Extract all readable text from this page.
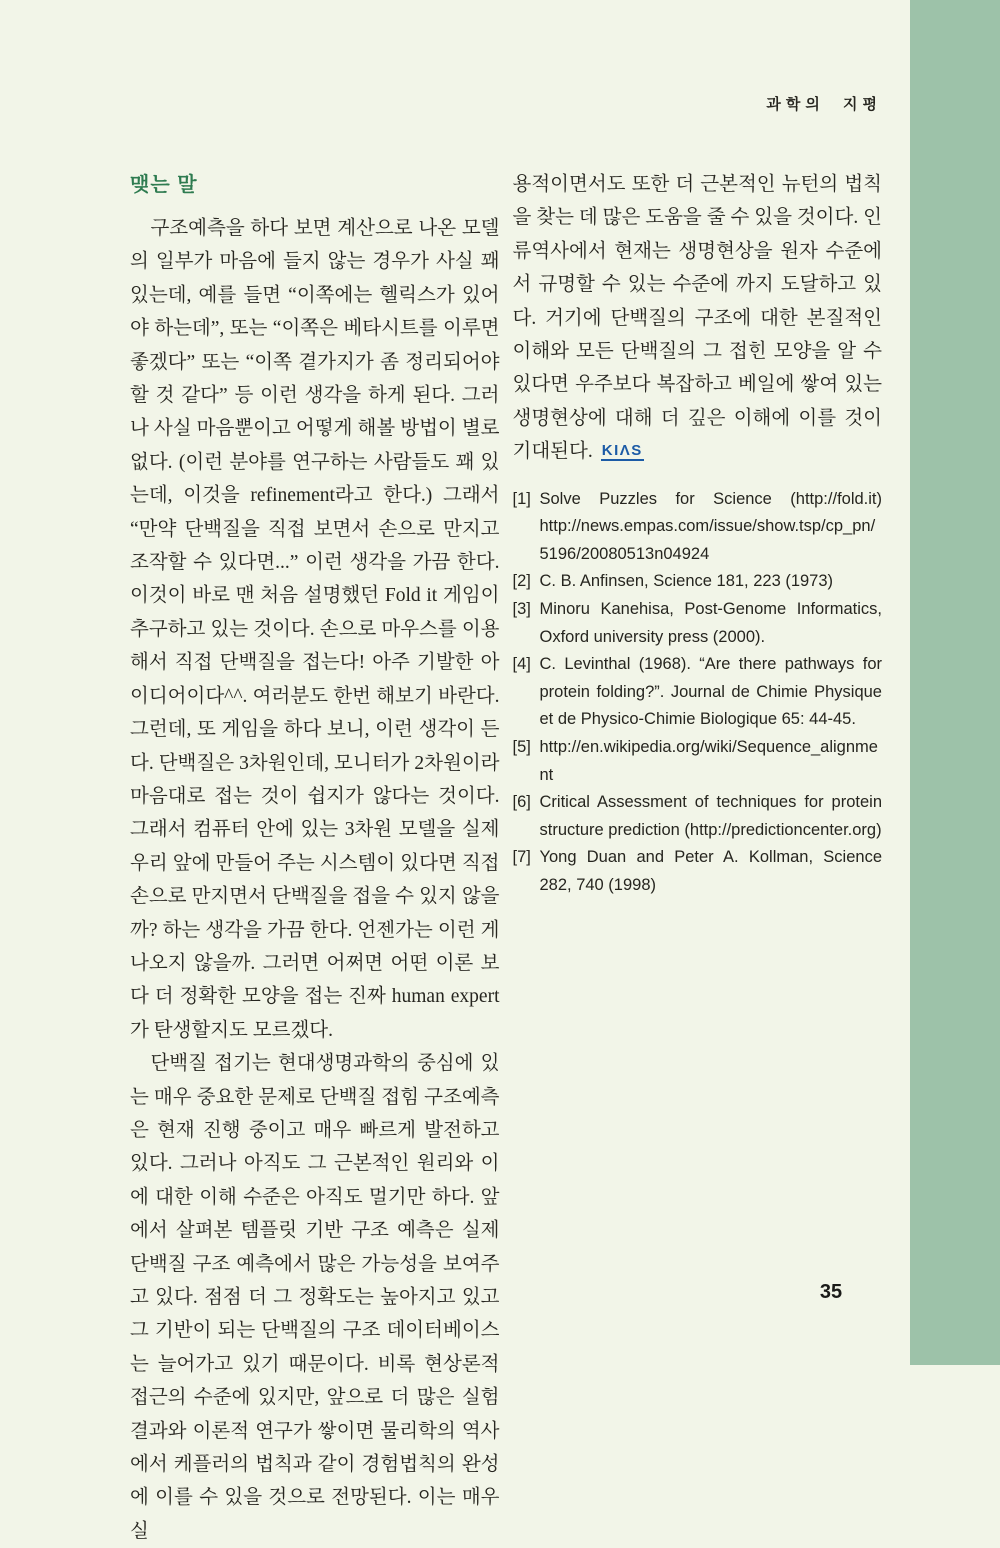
과학의 지평
맺는 말

구조예측을 하다 보면 계산으로 나온 모델의 일부가 마음에 들지 않는 경우가 사실 꽤 있는데, 예를 들면 “이쪽에는 헬릭스가 있어야 하는데”, 또는 “이쪽은 베타시트를 이루면 좋겠다” 또는 “이쪽 곁가지가 좀 정리되어야 할 것 같다” 등 이런 생각을 하게 된다. 그러나 사실 마음뿐이고 어떻게 해볼 방법이 별로 없다. (이런 분야를 연구하는 사람들도 꽤 있는데, 이것을 refinement라고 한다.) 그래서 “만약 단백질을 직접 보면서 손으로 만지고 조작할 수 있다면...” 이런 생각을 가끔 한다. 이것이 바로 맨 처음 설명했던 Fold it 게임이 추구하고 있는 것이다. 손으로 마우스를 이용해서 직접 단백질을 접는다! 아주 기발한 아이디어이다^^. 여러분도 한번 해보기 바란다. 그런데, 또 게임을 하다 보니, 이런 생각이 든다. 단백질은 3차원인데, 모니터가 2차원이라 마음대로 접는 것이 쉽지가 않다는 것이다. 그래서 컴퓨터 안에 있는 3차원 모델을 실제 우리 앞에 만들어 주는 시스템이 있다면 직접 손으로 만지면서 단백질을 접을 수 있지 않을까? 하는 생각을 가끔 한다. 언젠가는 이런 게 나오지 않을까. 그러면 어쩌면 어떤 이론 보다 더 정확한 모양을 접는 진짜 human expert가 탄생할지도 모르겠다.

단백질 접기는 현대생명과학의 중심에 있는 매우 중요한 문제로 단백질 접힘 구조예측은 현재 진행 중이고 매우 빠르게 발전하고 있다. 그러나 아직도 그 근본적인 원리와 이에 대한 이해 수준은 아직도 멀기만 하다. 앞에서 살펴본 템플릿 기반 구조 예측은 실제 단백질 구조 예측에서 많은 가능성을 보여주고 있다. 점점 더 그 정확도는 높아지고 있고 그 기반이 되는 단백질의 구조 데이터베이스는 늘어가고 있기 때문이다. 비록 현상론적 접근의 수준에 있지만, 앞으로 더 많은 실험결과와 이론적 연구가 쌓이면 물리학의 역사에서 케플러의 법칙과 같이 경험법칙의 완성에 이를 수 있을 것으로 전망된다. 이는 매우 실

용적이면서도 또한 더 근본적인 뉴턴의 법칙을 찾는 데 많은 도움을 줄 수 있을 것이다. 인류역사에서 현재는 생명현상을 원자 수준에서 규명할 수 있는 수준에 까지 도달하고 있다. 거기에 단백질의 구조에 대한 본질적인 이해와 모든 단백질의 그 접힌 모양을 알 수 있다면 우주보다 복잡하고 베일에 쌓여 있는 생명현상에 대해 더 깊은 이해에 이를 것이 기대된다. KIΛS

[1] Solve Puzzles for Science (http://fold.it) http://news.empas.com/issue/show.tsp/cp_pn/5196/20080513n04924
[2] C. B. Anfinsen, Science 181, 223 (1973)
[3] Minoru Kanehisa, Post-Genome Informatics, Oxford university press (2000).
[4] C. Levinthal (1968). “Are there pathways for protein folding?”. Journal de Chimie Physique et de Physico-Chimie Biologique 65: 44-45.
[5] http://en.wikipedia.org/wiki/Sequence_alignment
[6] Critical Assessment of techniques for protein structure prediction (http://predictioncenter.org)
[7] Yong Duan and Peter A. Kollman, Science 282, 740 (1998)
35
